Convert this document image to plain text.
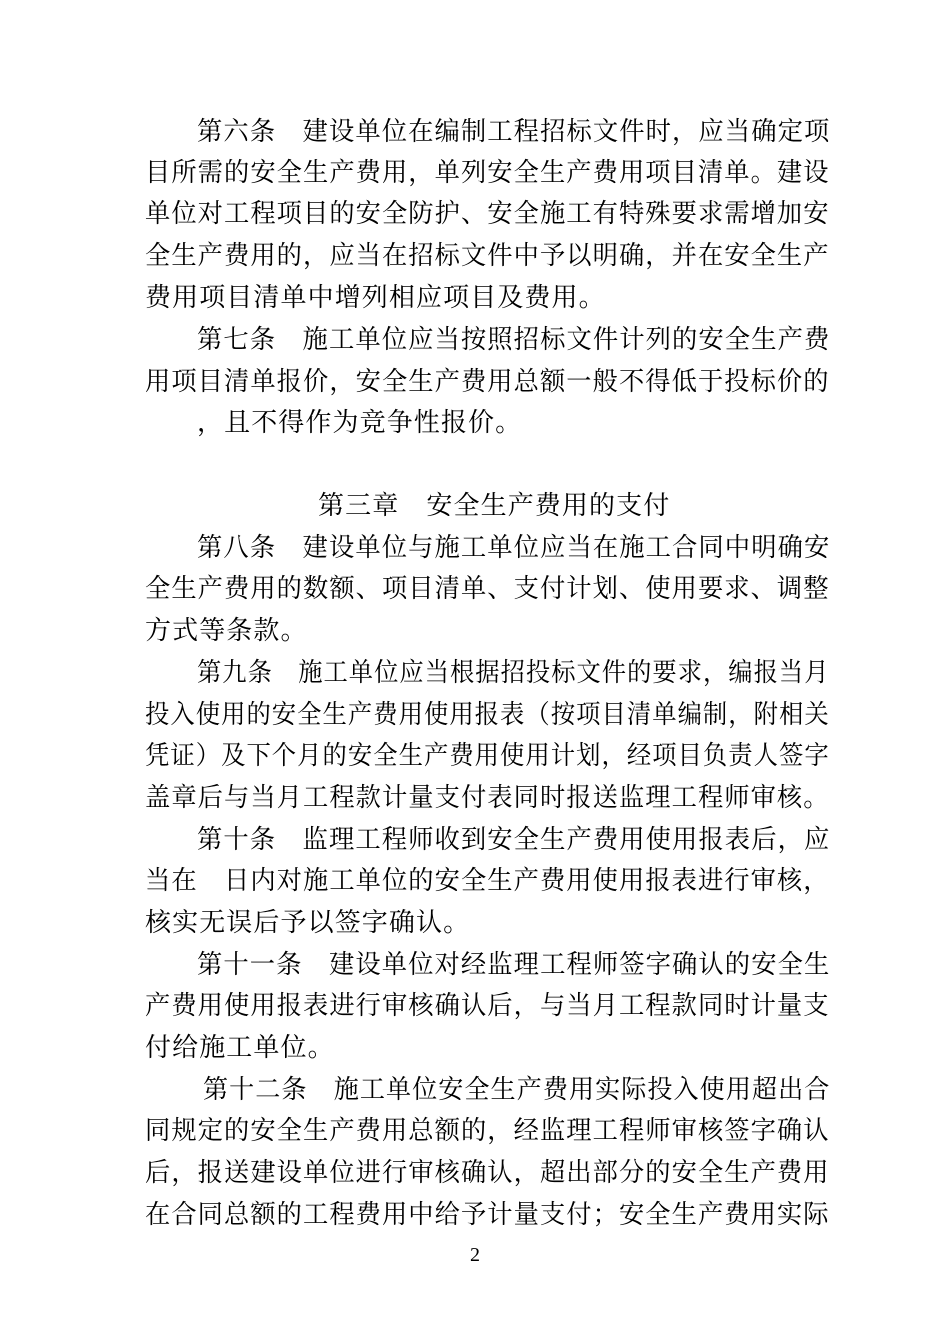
第六条　建设单位在编制工程招标文件时，应当确定项
目所需的安全生产费用，单列安全生产费用项目清单。建设
单位对工程项目的安全防护、安全施工有特殊要求需增加安
全生产费用的，应当在招标文件中予以明确，并在安全生产
费用项目清单中增列相应项目及费用。
第七条　施工单位应当按照招标文件计列的安全生产费
用项目清单报价，安全生产费用总额一般不得低于投标价的
，且不得作为竞争性报价。
第三章　安全生产费用的支付
第八条　建设单位与施工单位应当在施工合同中明确安
全生产费用的数额、项目清单、支付计划、使用要求、调整
方式等条款。
第九条　施工单位应当根据招投标文件的要求，编报当月
投入使用的安全生产费用使用报表（按项目清单编制，附相关
凭证）及下个月的安全生产费用使用计划，经项目负责人签字
盖章后与当月工程款计量支付表同时报送监理工程师审核。
第十条　监理工程师收到安全生产费用使用报表后，应
当在　日内对施工单位的安全生产费用使用报表进行审核，
核实无误后予以签字确认。
第十一条　建设单位对经监理工程师签字确认的安全生
产费用使用报表进行审核确认后，与当月工程款同时计量支
付给施工单位。
第十二条　施工单位安全生产费用实际投入使用超出合
同规定的安全生产费用总额的，经监理工程师审核签字确认
后，报送建设单位进行审核确认，超出部分的安全生产费用
在合同总额的工程费用中给予计量支付；安全生产费用实际
2
